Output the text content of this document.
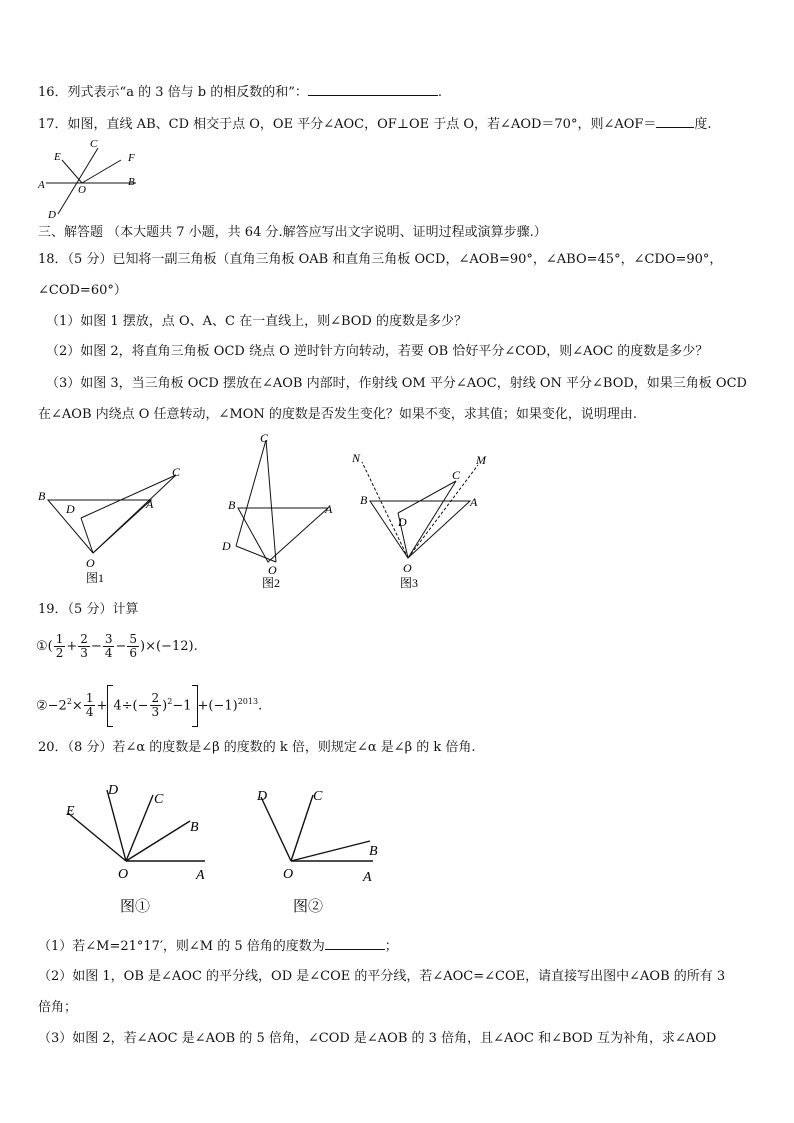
16．列式表示“a 的 3 倍与 b 的相反数的和”：	.
17．如图，直线 AB、CD 相交于点 O，OE 平分∠AOC，OF⊥OE 于点 O，若∠AOD＝70°，则∠AOF＝	度.
E
C
F
A	O
B
D
三、解答题 （本大题共 7 小题，共 64 分.解答应写出文字说明、证明过程或演算步骤.）
18．（5 分）已知将一副三角板（直角三角板 OAB 和直角三角板 OCD，∠AOB=90°，∠ABO=45°，∠CDO=90°，
∠COD=60°）
（1）如图 1 摆放，点 O、A、C 在一直线上，则∠BOD 的度数是多少？
（2）如图 2，将直角三角板 OCD 绕点 O 逆时针方向转动，若要 OB 恰好平分∠COD，则∠AOC 的度数是多少？
（3）如图 3，当三角板 OCD 摆放在∠AOB 内部时，作射线 OM 平分∠AOC，射线 ON 平分∠BOD，如果三角板 OCD
在∠AOB 内绕点 O 任意转动，∠MON 的度数是否发生变化？如果不变，求其值；如果变化，说明理由.
C
B
D	A
O
图1
C
B	A
D
O
图2
N	M
C
B	A
D
O
图3
19．（5 分）计算
①( $\frac{1}{2} + \frac{2}{3} - \frac{3}{4} - \frac{5}{6} )\times(-12)$.
$②-2^2\times \frac{1}{4} + 4\div(- \frac{2}{3} )^2-1 +(-1)^{2013}$.
20．（8 分）若∠α 的度数是∠β 的度数的 k 倍，则规定∠α 是∠β 的 k 倍角.
D
C
E
B
O	A
图①
D	C
B
O	A
图②
（1）若∠M=21°17′，则∠M 的 5 倍角的度数为	；
（2）如图 1，OB 是∠AOC 的平分线，OD 是∠COE 的平分线，若∠AOC=∠COE，请直接写出图中∠AOB 的所有 3
倍角；
（3）如图 2，若∠AOC 是∠AOB 的 5 倍角，∠COD 是∠AOB 的 3 倍角，且∠AOC 和∠BOD 互为补角，求∠AOD
